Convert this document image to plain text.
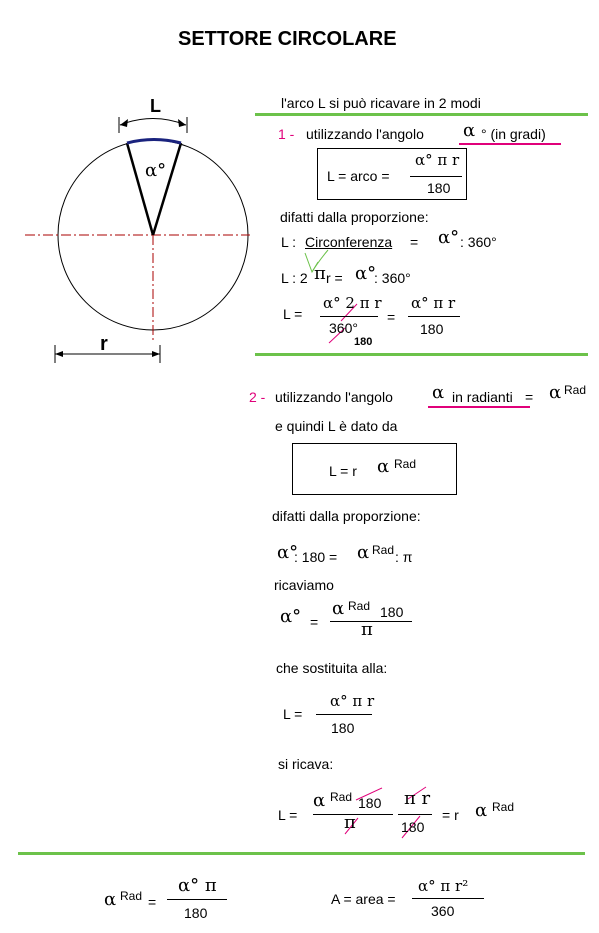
SETTORE CIRCOLARE
L
α°
r
l'arco L si può ricavare in 2 modi
1 - utilizzando l'angolo α ° (in gradi)
L = arco =
α° π r
180
difatti dalla proporzione:
L : Circonferenza = α° : 360°
L : 2 π r = α°
: 360°
L =
α° 2 π r
360°
180
=
α° π r
180
2 - utilizzando l'angolo α in radianti = α Rad
e quindi L è dato da
L = r α Rad
difatti dalla proporzione:
α°
: 180 = α Rad : π
ricaviamo
α° =
α Rad 180
π
che sostituita alla:
L =
α° π r
180
si ricava:
L =
α Rad 180
π
π r
180
= r α Rad
α Rad =
α° π
180
A = area =
α° π r²
360
